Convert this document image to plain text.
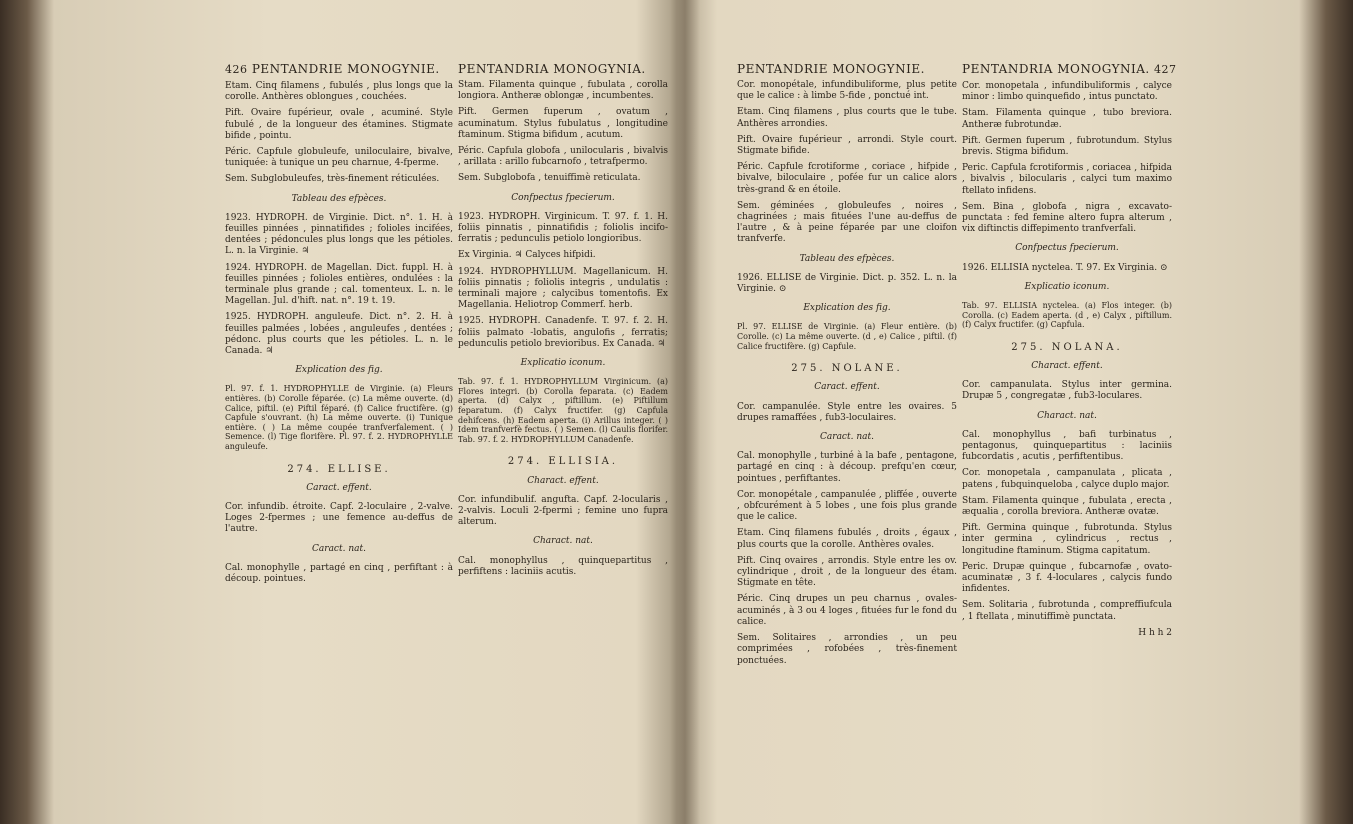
426 PENTANDRIE MONOGYNIE.

Etam. Cinq filamens , fubulés , plus longs que la corolle. Anthères oblongues , couchées.

Pift. Ovaire fupérieur, ovale , acuminé. Style fubulé , de la longueur des étamines. Stigmate bifide , pointu.

Péric. Capfule globuleufe, uniloculaire, bivalve, tuniquée: à tunique un peu charnue, 4-fperme.

Sem. Subglobuleufes, très-finement réticulées.

Tableau des efpèces.

1923. HYDROPH. de Virginie. Dict. n°. 1. H. à feuilles pinnées , pinnatifides ; folioles incifées, dentées ; pédoncules plus longs que les pétioles. L. n. la Virginie. ♃

1924. HYDROPH. de Magellan. Dict. fuppl. H. à feuilles pinnées ; folioles entières, ondulées : la terminale plus grande ; cal. tomenteux. L. n. le Magellan. Jul. d'hift. nat. n°. 19 t. 19.

1925. HYDROPH. anguleufe. Dict. n°. 2. H. à feuilles palmées , lobées , anguleufes , dentées ; pédonc. plus courts que les pétioles. L. n. le Canada. ♃

Explication des fig.

Pl. 97. f. 1. HYDROPHYLLE de Virginie. (a) Fleurs entières. (b) Corolle féparée. (c) La même ouverte. (d) Calice, piftil. (e) Piftil féparé. (f) Calice fructifère. (g) Capfule s'ouvrant. (h) La même ouverte. (i) Tunique entière. ( ) La même coupée tranfverfalement. ( ) Semence. (l) Tige florifère. Pl. 97. f. 2. HYDROPHYLLE anguleufe.

274. ELLISE.
Caract. effent.

Cor. infundib. étroite. Capf. 2-loculaire , 2-valve. Loges 2-fpermes ; une femence au-deffus de l'autre.

Caract. nat.

Cal. monophylle , partagé en cinq , perfiftant : à découp. pointues.

PENTANDRIA MONOGYNIA.

Stam. Filamenta quinque , fubulata , corolla longiora. Antheræ oblongæ , incumbentes.

Pift. Germen fuperum , ovatum , acuminatum. Stylus fubulatus , longitudine ftaminum. Stigma bifidum , acutum.

Péric. Capfula globofa , unilocularis , bivalvis , arillata : arillo fubcarnofo , tetrafpermo.

Sem. Subglobofa , tenuiffimè reticulata.

Confpectus fpecierum.

1923. HYDROPH. Virginicum. T. 97. f. 1. H. foliis pinnatis , pinnatifidis ; foliolis incifo-ferratis ; pedunculis petiolo longioribus.

Ex Virginia. ♃ Calyces hifpidi.

1924. HYDROPHYLLUM. Magellanicum. H. foliis pinnatis ; foliolis integris , undulatis : terminali majore ; calycibus tomentofis. Ex Magellania. Heliotrop Commerf. herb.

1925. HYDROPH. Canadenfe. T. 97. f. 2. H. foliis palmato -lobatis, angulofis , ferratis; pedunculis petiolo brevioribus. Ex Canada. ♃

Explicatio iconum.

Tab. 97. f. 1. HYDROPHYLLUM Virginicum. (a) Flores integri. (b) Corolla feparata. (c) Eadem aperta. (d) Calyx , piftillum. (e) Piftillum feparatum. (f) Calyx fructifer. (g) Capfula dehifcens. (h) Eadem aperta. (i) Arillus integer. ( ) Idem tranfverfè fectus. ( ) Semen. (l) Caulis florifer. Tab. 97. f. 2. HYDROPHYLLUM Canadenfe.

274. ELLISIA.
Charact. effent.

Cor. infundibulif. angufta. Capf. 2-locularis , 2-valvis. Loculi 2-fpermi ; femine uno fupra alterum.

Charact. nat.

Cal. monophyllus , quinquepartitus , perfiftens : laciniis acutis.

PENTANDRIE MONOGYNIE.

Cor. monopétale, infundibuliforme, plus petite que le calice : à limbe 5-fide , ponctué int.

Etam. Cinq filamens , plus courts que le tube. Anthères arrondies.

Pift. Ovaire fupérieur , arrondi. Style court. Stigmate bifide.

Péric. Capfule fcrotiforme , coriace , hifpide , bivalve, biloculaire , pofée fur un calice alors très-grand & en étoile.

Sem. géminées , globuleufes , noires , chagrinées ; mais fituées l'une au-deffus de l'autre , & à peine féparée par une cloifon tranfverfe.

Tableau des efpèces.

1926. ELLISE de Virginie. Dict. p. 352. L. n. la Virginie. ⊙

Explication des fig.

Pl. 97. ELLISE de Virginie. (a) Fleur entière. (b) Corolle. (c) La même ouverte. (d , e) Calice , piftil. (f) Calice fructifère. (g) Capfule.

275. NOLANE.
Caract. effent.

Cor. campanulée. Style entre les ovaires. 5 drupes ramaffées , fub3-loculaires.

Caract. nat.

Cal. monophylle , turbiné à la bafe , pentagone, partagé en cinq : à découp. prefqu'en cœur, pointues , perfiftantes.

Cor. monopétale , campanulée , pliffée , ouverte , obfcurément à 5 lobes , une fois plus grande que le calice.

Etam. Cinq filamens fubulés , droits , égaux , plus courts que la corolle. Anthères ovales.

Pift. Cinq ovaires , arrondis. Style entre les ov. cylindrique , droit , de la longueur des étam. Stigmate en tête.

Péric. Cinq drupes un peu charnus , ovales-acuminés , à 3 ou 4 loges , fituées fur le fond du calice.

Sem. Solitaires , arrondies , un peu comprimées , rofobées , très-finement ponctuées.

PENTANDRIA MONOGYNIA. 427

Cor. monopetala , infundibuliformis , calyce minor : limbo quinquefido , intus punctato.

Stam. Filamenta quinque , tubo breviora. Antheræ fubrotundæ.

Pift. Germen fuperum , fubrotundum. Stylus brevis. Stigma bifidum.

Peric. Capfula fcrotiformis , coriacea , hifpida , bivalvis , bilocularis , calyci tum maximo ftellato infidens.

Sem. Bina , globofa , nigra , excavato-punctata : fed femine altero fupra alterum , vix diftinctis diffepimento tranfverfali.

Confpectus fpecierum.

1926. ELLISIA nyctelea. T. 97. Ex Virginia. ⊙

Explicatio iconum.

Tab. 97. ELLISIA nyctelea. (a) Flos integer. (b) Corolla. (c) Eadem aperta. (d , e) Calyx , piftillum. (f) Calyx fructifer. (g) Capfula.

275. NOLANA.
Charact. effent.

Cor. campanulata. Stylus inter germina. Drupæ 5 , congregatæ , fub3-loculares.

Charact. nat.

Cal. monophyllus , bafi turbinatus , pentagonus, quinquepartitus : laciniis fubcordatis , acutis , perfiftentibus.

Cor. monopetala , campanulata , plicata , patens , fubquinqueloba , calyce duplo major.

Stam. Filamenta quinque , fubulata , erecta , æqualia , corolla breviora. Antheræ ovatæ.

Pift. Germina quinque , fubrotunda. Stylus inter germina , cylindricus , rectus , longitudine ftaminum. Stigma capitatum.

Peric. Drupæ quinque , fubcarnofæ , ovato-acuminatæ , 3 f. 4-loculares , calycis fundo infidentes.

Sem. Solitaria , fubrotunda , compreffiufcula , 1 ftellata , minutiffimè punctata.

H h h 2
